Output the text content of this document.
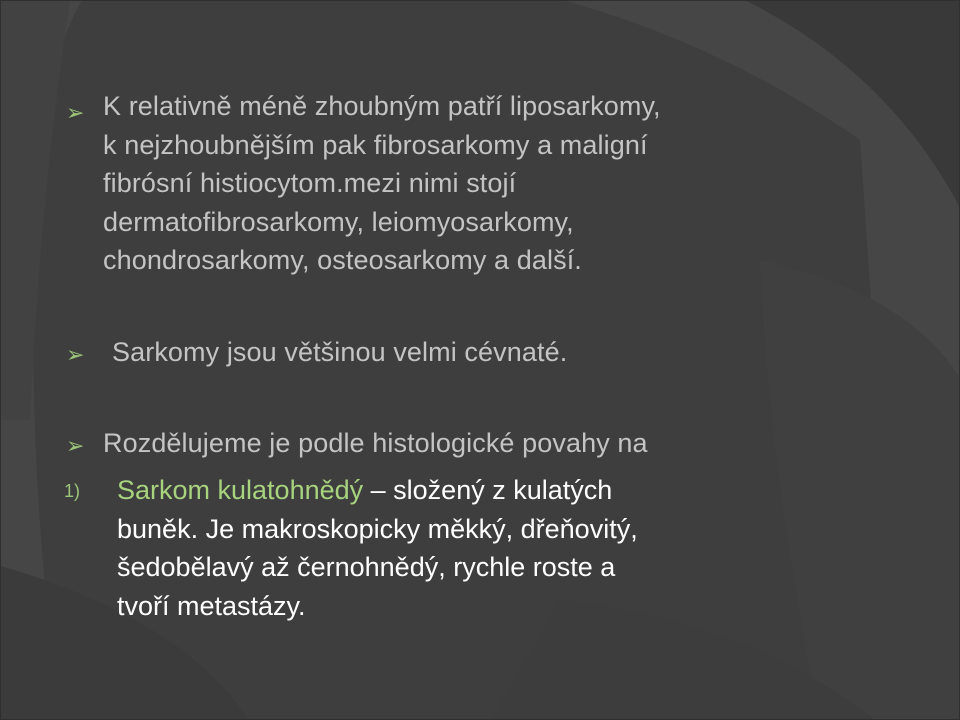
➢ K relativně méně zhoubným patří liposarkomy,
k nejzhoubnějším pak fibrosarkomy a maligní
fibrósní histiocytom.mezi nimi stojí
dermatofibrosarkomy, leiomyosarkomy,
chondrosarkomy, osteosarkomy a další.
➢ Sarkomy jsou většinou velmi cévnaté.
➢ Rozdělujeme je podle histologické povahy na
1) Sarkom kulatohnědý – složený z kulatých
buněk. Je makroskopicky měkký, dřeňovitý,
šedobělavý až černohnědý, rychle roste a
tvoří metastázy.
